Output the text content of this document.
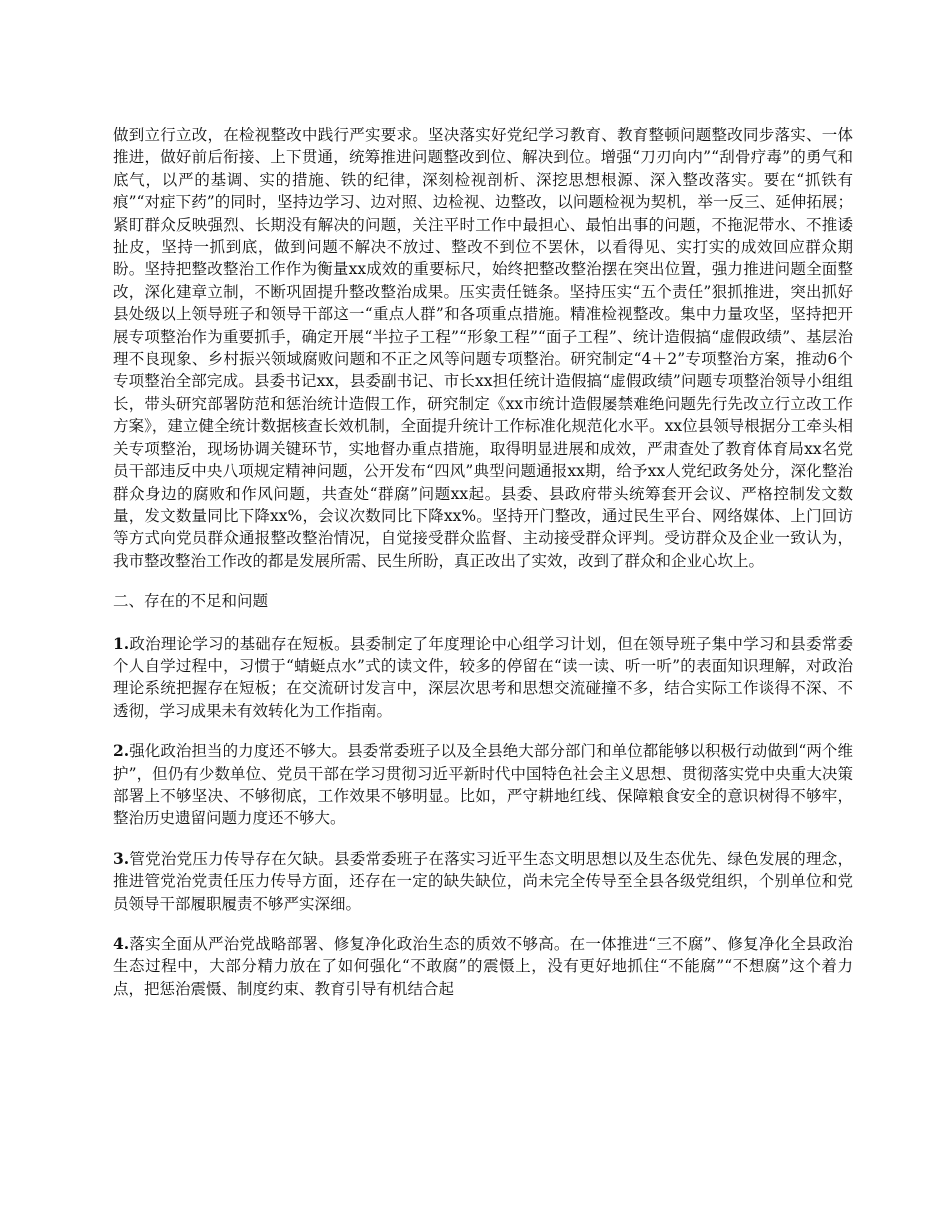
做到立行立改，在检视整改中践行严实要求。坚决落实好党纪学习教育、教育整顿问题整改同步落实、一体推进，做好前后衔接、上下贯通，统筹推进问题整改到位、解决到位。增强“刀刃向内”“刮骨疗毒”的勇气和底气，以严的基调、实的措施、铁的纪律，深刻检视剖析、深挖思想根源、深入整改落实。要在“抓铁有痕”“对症下药”的同时，坚持边学习、边对照、边检视、边整改，以问题检视为契机，举一反三、延伸拓展；紧盯群众反映强烈、长期没有解决的问题，关注平时工作中最担心、最怕出事的问题，不拖泥带水、不推诿扯皮，坚持一抓到底，做到问题不解决不放过、整改不到位不罢休，以看得见、实打实的成效回应群众期盼。坚持把整改整治工作作为衡量xx成效的重要标尺，始终把整改整治摆在突出位置，强力推进问题全面整改，深化建章立制，不断巩固提升整改整治成果。压实责任链条。坚持压实“五个责任”狠抓推进，突出抓好县处级以上领导班子和领导干部这一“重点人群”和各项重点措施。精准检视整改。集中力量攻坚，坚持把开展专项整治作为重要抓手，确定开展“半拉子工程”“形象工程”“面子工程”、统计造假搞“虚假政绩”、基层治理不良现象、乡村振兴领域腐败问题和不正之风等问题专项整治。研究制定“4＋2”专项整治方案，推动6个专项整治全部完成。县委书记xx，县委副书记、市长xx担任统计造假搞“虚假政绩”问题专项整治领导小组组长，带头研究部署防范和惩治统计造假工作，研究制定《xx市统计造假屡禁难绝问题先行先改立行立改工作方案》，建立健全统计数据核查长效机制，全面提升统计工作标准化规范化水平。xx位县领导根据分工牵头相关专项整治，现场协调关键环节，实地督办重点措施，取得明显进展和成效，严肃查处了教育体育局xx名党员干部违反中央八项规定精神问题，公开发布“四风”典型问题通报xx期，给予xx人党纪政务处分，深化整治群众身边的腐败和作风问题，共查处“群腐”问题xx起。县委、县政府带头统筹套开会议、严格控制发文数量，发文数量同比下降xx%，会议次数同比下降xx%。坚持开门整改，通过民生平台、网络媒体、上门回访等方式向党员群众通报整改整治情况，自觉接受群众监督、主动接受群众评判。受访群众及企业一致认为，我市整改整治工作改的都是发展所需、民生所盼，真正改出了实效，改到了群众和企业心坎上。

二、存在的不足和问题

1.政治理论学习的基础存在短板。县委制定了年度理论中心组学习计划，但在领导班子集中学习和县委常委个人自学过程中，习惯于“蜻蜓点水”式的读文件，较多的停留在“读一读、听一听”的表面知识理解，对政治理论系统把握存在短板；在交流研讨发言中，深层次思考和思想交流碰撞不多，结合实际工作谈得不深、不透彻，学习成果未有效转化为工作指南。

2.强化政治担当的力度还不够大。县委常委班子以及全县绝大部分部门和单位都能够以积极行动做到“两个维护”，但仍有少数单位、党员干部在学习贯彻习近平新时代中国特色社会主义思想、贯彻落实党中央重大决策部署上不够坚决、不够彻底，工作效果不够明显。比如，严守耕地红线、保障粮食安全的意识树得不够牢，整治历史遗留问题力度还不够大。

3.管党治党压力传导存在欠缺。县委常委班子在落实习近平生态文明思想以及生态优先、绿色发展的理念，推进管党治党责任压力传导方面，还存在一定的缺失缺位，尚未完全传导至全县各级党组织，个别单位和党员领导干部履职履责不够严实深细。

4.落实全面从严治党战略部署、修复净化政治生态的质效不够高。在一体推进“三不腐”、修复净化全县政治生态过程中，大部分精力放在了如何强化“不敢腐”的震慑上，没有更好地抓住“不能腐”“不想腐”这个着力点，把惩治震慑、制度约束、教育引导有机结合起
